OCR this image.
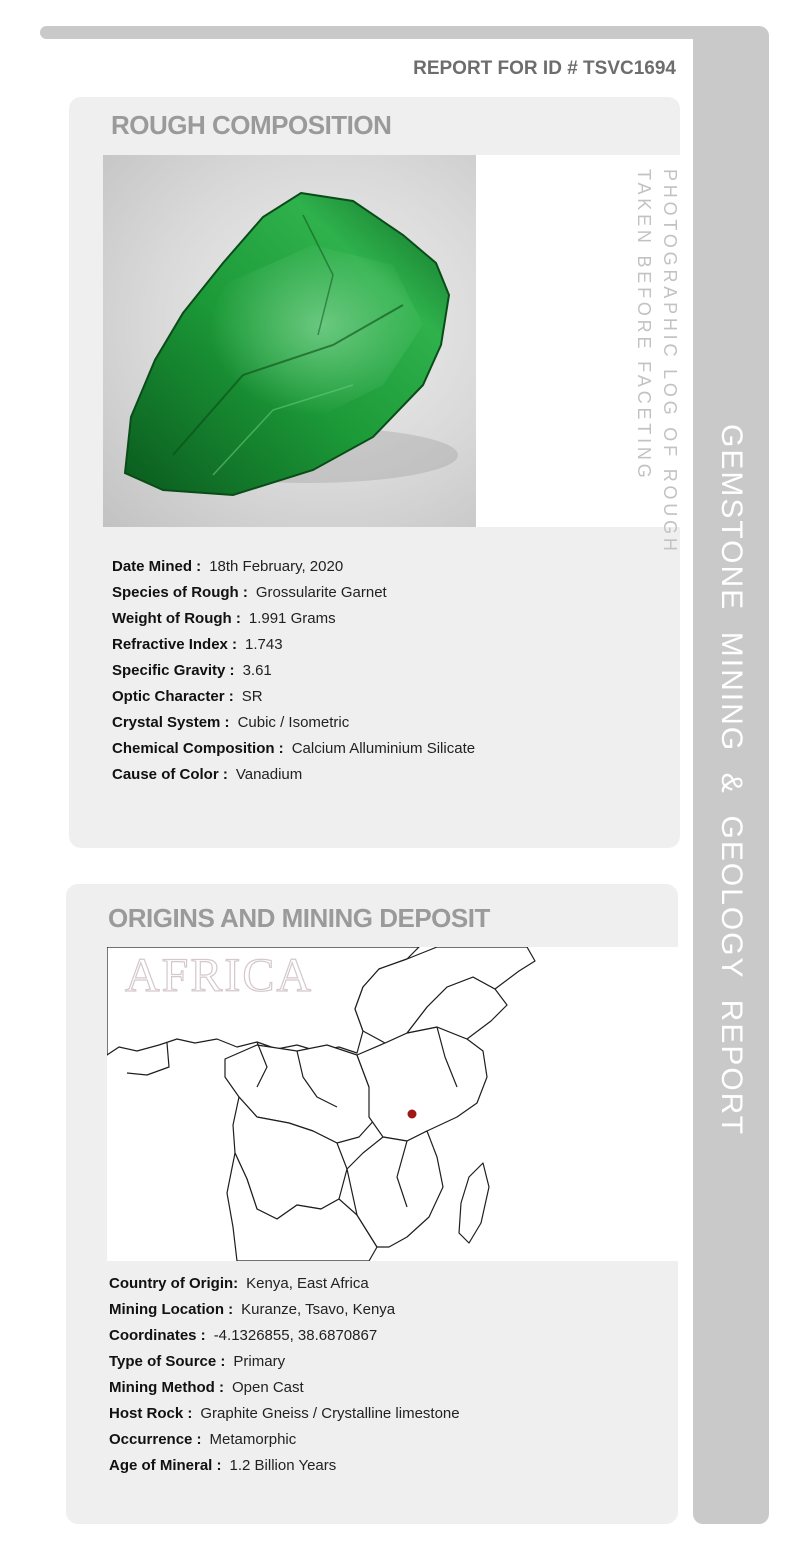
GEMSTONE  MINING  &  GEOLOGY  REPORT
REPORT FOR ID # TSVC1694
ROUGH COMPOSITION
PHOTOGRAPHIC LOG OF ROUGH
TAKEN BEFORE FACETING
Date Mined : 18th February, 2020
Species of Rough : Grossularite Garnet
Weight of Rough : 1.991 Grams
Refractive Index : 1.743
Specific Gravity : 3.61
Optic Character : SR
Crystal System : Cubic / Isometric
Chemical Composition : Calcium Alluminium Silicate
Cause of Color : Vanadium
ORIGINS AND MINING DEPOSIT
AFRICA
Country of Origin: Kenya, East Africa
Mining Location : Kuranze, Tsavo, Kenya
Coordinates : -4.1326855, 38.6870867
Type of Source : Primary
Mining Method : Open Cast
Host Rock : Graphite Gneiss / Crystalline limestone
Occurrence : Metamorphic
Age of Mineral : 1.2 Billion Years
